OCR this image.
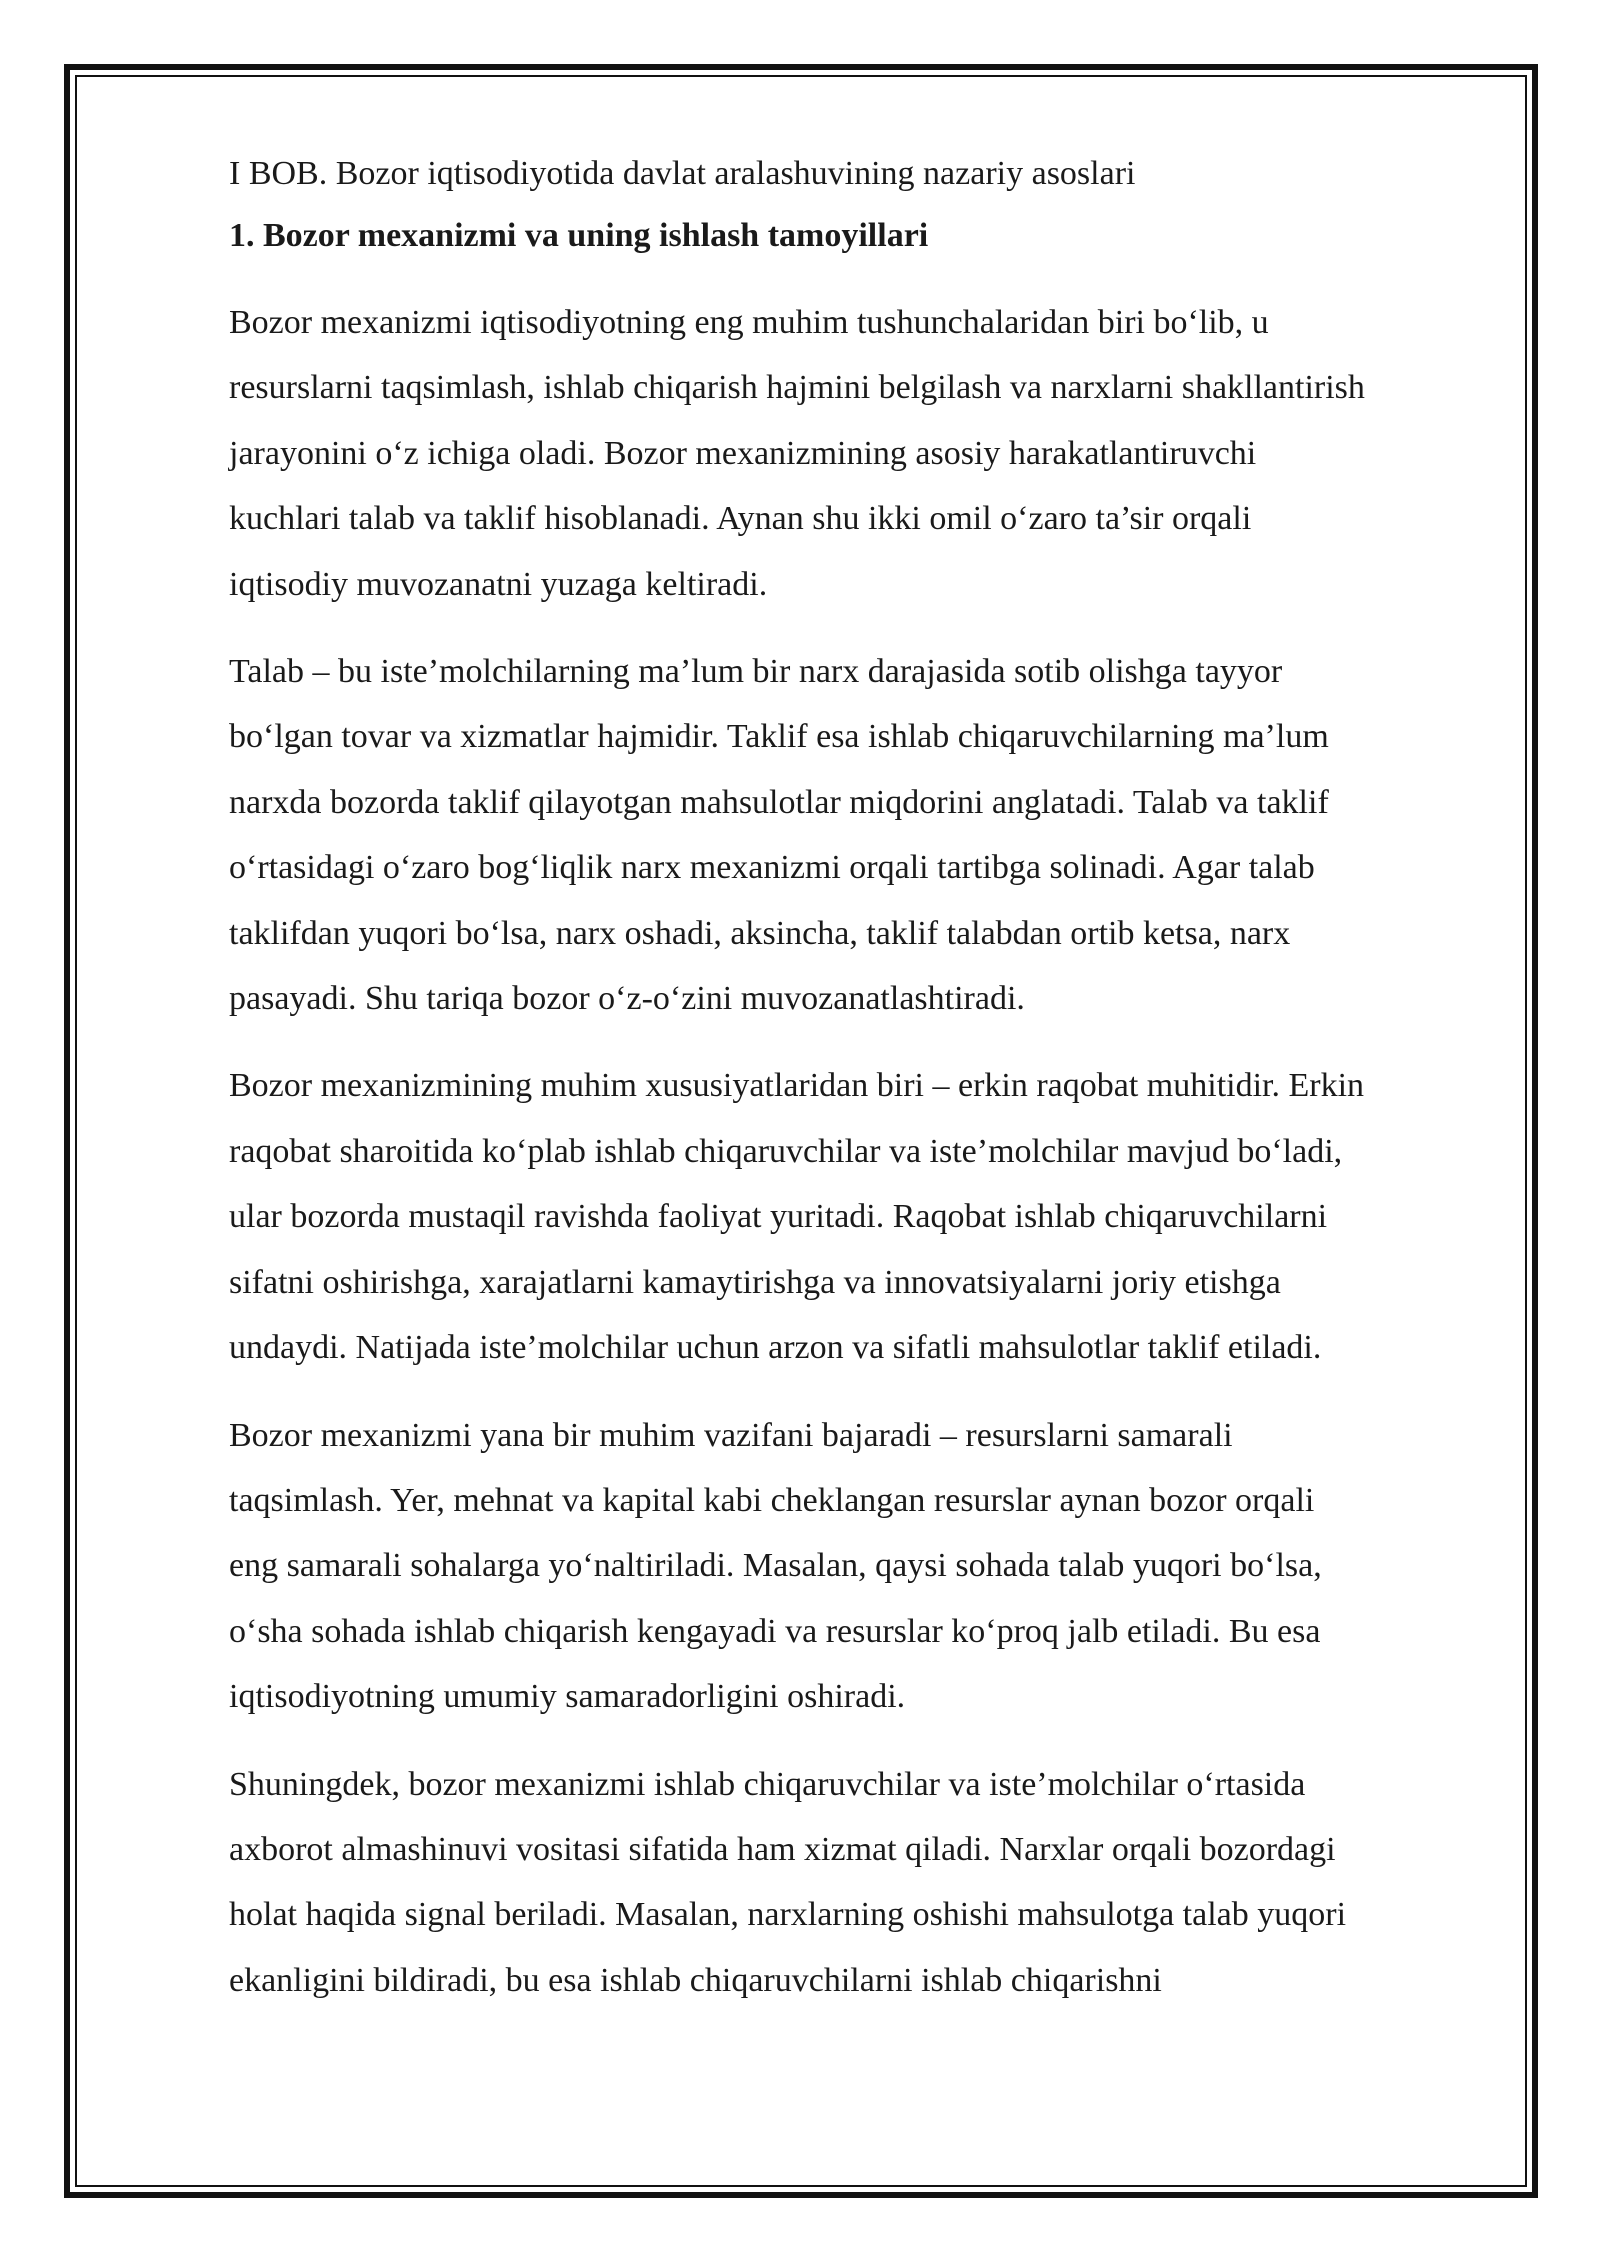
I BOB. Bozor iqtisodiyotida davlat aralashuvining nazariy asoslari
1. Bozor mexanizmi va uning ishlash tamoyillari
Bozor mexanizmi iqtisodiyotning eng muhim tushunchalaridan biri bo‘lib, u
resurslarni taqsimlash, ishlab chiqarish hajmini belgilash va narxlarni shakllantirish
jarayonini o‘z ichiga oladi. Bozor mexanizmining asosiy harakatlantiruvchi
kuchlari talab va taklif hisoblanadi. Aynan shu ikki omil o‘zaro ta’sir orqali
iqtisodiy muvozanatni yuzaga keltiradi.
Talab – bu iste’molchilarning ma’lum bir narx darajasida sotib olishga tayyor
bo‘lgan tovar va xizmatlar hajmidir. Taklif esa ishlab chiqaruvchilarning ma’lum
narxda bozorda taklif qilayotgan mahsulotlar miqdorini anglatadi. Talab va taklif
o‘rtasidagi o‘zaro bog‘liqlik narx mexanizmi orqali tartibga solinadi. Agar talab
taklifdan yuqori bo‘lsa, narx oshadi, aksincha, taklif talabdan ortib ketsa, narx
pasayadi. Shu tariqa bozor o‘z-o‘zini muvozanatlashtiradi.
Bozor mexanizmining muhim xususiyatlaridan biri – erkin raqobat muhitidir. Erkin
raqobat sharoitida ko‘plab ishlab chiqaruvchilar va iste’molchilar mavjud bo‘ladi,
ular bozorda mustaqil ravishda faoliyat yuritadi. Raqobat ishlab chiqaruvchilarni
sifatni oshirishga, xarajatlarni kamaytirishga va innovatsiyalarni joriy etishga
undaydi. Natijada iste’molchilar uchun arzon va sifatli mahsulotlar taklif etiladi.
Bozor mexanizmi yana bir muhim vazifani bajaradi – resurslarni samarali
taqsimlash. Yer, mehnat va kapital kabi cheklangan resurslar aynan bozor orqali
eng samarali sohalarga yo‘naltiriladi. Masalan, qaysi sohada talab yuqori bo‘lsa,
o‘sha sohada ishlab chiqarish kengayadi va resurslar ko‘proq jalb etiladi. Bu esa
iqtisodiyotning umumiy samaradorligini oshiradi.
Shuningdek, bozor mexanizmi ishlab chiqaruvchilar va iste’molchilar o‘rtasida
axborot almashinuvi vositasi sifatida ham xizmat qiladi. Narxlar orqali bozordagi
holat haqida signal beriladi. Masalan, narxlarning oshishi mahsulotga talab yuqori
ekanligini bildiradi, bu esa ishlab chiqaruvchilarni ishlab chiqarishni
